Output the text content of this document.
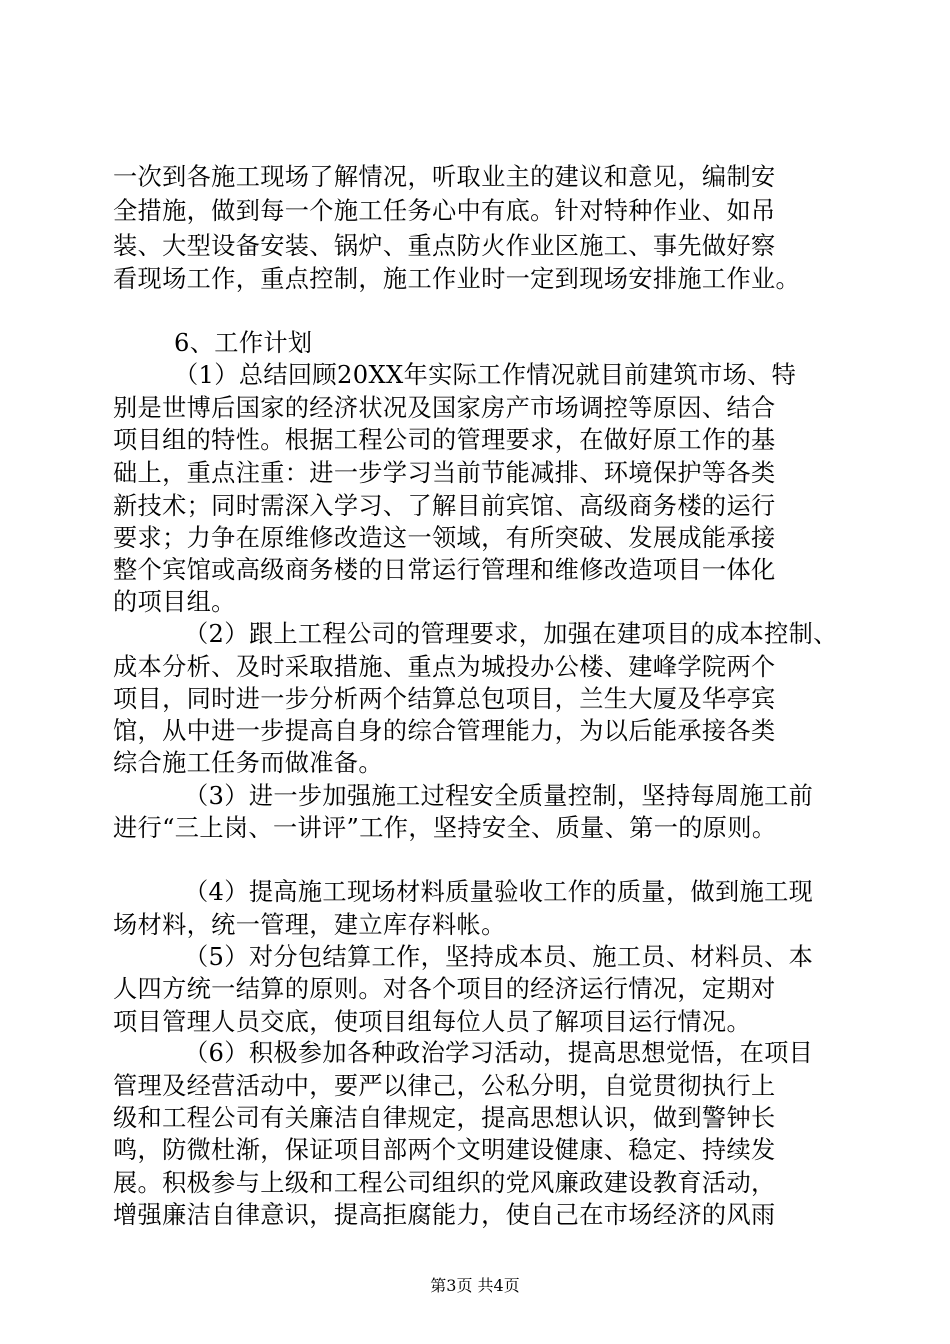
一次到各施工现场了解情况，听取业主的建议和意见，编制安
全措施，做到每一个施工任务心中有底。针对特种作业、如吊
装、大型设备安装、锅炉、重点防火作业区施工、事先做好察
看现场工作，重点控制，施工作业时一定到现场安排施工作业。
6、工作计划
（1）总结回顾20XX年实际工作情况就目前建筑市场、特
别是世博后国家的经济状况及国家房产市场调控等原因、结合
项目组的特性。根据工程公司的管理要求，在做好原工作的基
础上，重点注重：进一步学习当前节能减排、环境保护等各类
新技术；同时需深入学习、了解目前宾馆、高级商务楼的运行
要求；力争在原维修改造这一领域，有所突破、发展成能承接
整个宾馆或高级商务楼的日常运行管理和维修改造项目一体化
的项目组。
（2）跟上工程公司的管理要求，加强在建项目的成本控制、
成本分析、及时采取措施、重点为城投办公楼、建峰学院两个
项目，同时进一步分析两个结算总包项目，兰生大厦及华亭宾
馆，从中进一步提高自身的综合管理能力，为以后能承接各类
综合施工任务而做准备。
（3）进一步加强施工过程安全质量控制，坚持每周施工前
进行“三上岗、一讲评”工作，坚持安全、质量、第一的原则。
（4）提高施工现场材料质量验收工作的质量，做到施工现
场材料，统一管理，建立库存料帐。
（5）对分包结算工作，坚持成本员、施工员、材料员、本
人四方统一结算的原则。对各个项目的经济运行情况，定期对
项目管理人员交底，使项目组每位人员了解项目运行情况。
（6）积极参加各种政治学习活动，提高思想觉悟，在项目
管理及经营活动中，要严以律己，公私分明，自觉贯彻执行上
级和工程公司有关廉洁自律规定，提高思想认识，做到警钟长
鸣，防微杜渐，保证项目部两个文明建设健康、稳定、持续发
展。积极参与上级和工程公司组织的党风廉政建设教育活动，
增强廉洁自律意识，提高拒腐能力，使自己在市场经济的风雨
第3页 共4页
